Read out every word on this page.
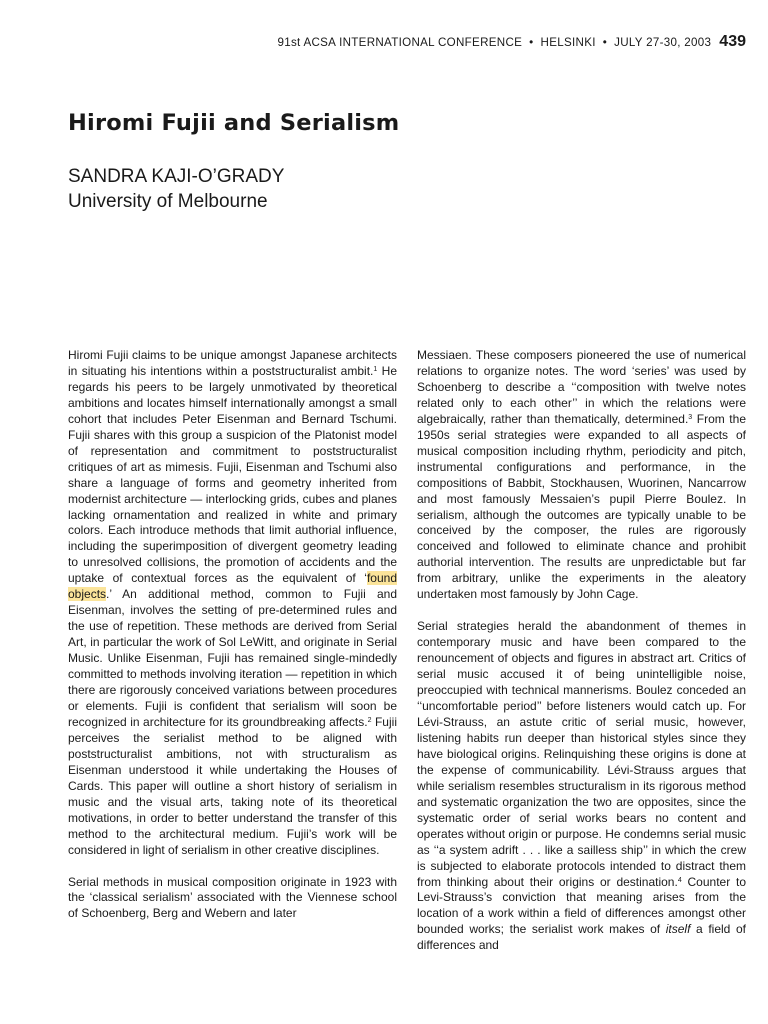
91st ACSA INTERNATIONAL CONFERENCE • HELSINKI • JULY 27-30, 2003 439
Hiromi Fujii and Serialism
SANDRA KAJI-O’GRADY
University of Melbourne

Hiromi Fujii claims to be unique amongst Japanese architects in situating his intentions within a poststructuralist ambit.$^1$ He regards his peers to be largely unmotivated by theoretical ambitions and locates himself internationally amongst a small cohort that includes Peter Eisenman and Bernard Tschumi. Fujii shares with this group a suspicion of the Platonist model of representation and commitment to poststructuralist critiques of art as mimesis. Fujii, Eisenman and Tschumi also share a language of forms and geometry inherited from modernist architecture — interlocking grids, cubes and planes lacking ornamentation and realized in white and primary colors. Each introduce methods that limit authorial influence, including the superimposition of divergent geometry leading to unresolved collisions, the promotion of accidents and the uptake of contextual forces as the equivalent of ‘found objects.’ An additional method, common to Fujii and Eisenman, involves the setting of pre-determined rules and the use of repetition. These methods are derived from Serial Art, in particular the work of Sol LeWitt, and originate in Serial Music. Unlike Eisenman, Fujii has remained single-mindedly committed to methods involving iteration — repetition in which there are rigorously conceived variations between procedures or elements. Fujii is confident that serialism will soon be recognized in architecture for its groundbreaking affects.$^2$ Fujii perceives the serialist method to be aligned with poststructuralist ambitions, not with structuralism as Eisenman understood it while undertaking the Houses of Cards. This paper will outline a short history of serialism in music and the visual arts, taking note of its theoretical motivations, in order to better understand the transfer of this method to the architectural medium. Fujii’s work will be considered in light of serialism in other creative disciplines.

Serial methods in musical composition originate in 1923 with the ‘classical serialism’ associated with the Viennese school of Schoenberg, Berg and Webern and later

Messiaen. These composers pioneered the use of numerical relations to organize notes. The word ‘series’ was used by Schoenberg to describe a ‘‘composition with twelve notes related only to each other’’ in which the relations were algebraically, rather than thematically, determined.$^3$ From the 1950s serial strategies were expanded to all aspects of musical composition including rhythm, periodicity and pitch, instrumental configurations and performance, in the compositions of Babbit, Stockhausen, Wuorinen, Nancarrow and most famously Messaien’s pupil Pierre Boulez. In serialism, although the outcomes are typically unable to be conceived by the composer, the rules are rigorously conceived and followed to eliminate chance and prohibit authorial intervention. The results are unpredictable but far from arbitrary, unlike the experiments in the aleatory undertaken most famously by John Cage.

Serial strategies herald the abandonment of themes in contemporary music and have been compared to the renouncement of objects and figures in abstract art. Critics of serial music accused it of being unintelligible noise, preoccupied with technical mannerisms. Boulez conceded an ‘‘uncomfortable period’’ before listeners would catch up. For Lévi-Strauss, an astute critic of serial music, however, listening habits run deeper than historical styles since they have biological origins. Relinquishing these origins is done at the expense of communicability. Lévi-Strauss argues that while serialism resembles structuralism in its rigorous method and systematic organization the two are opposites, since the systematic order of serial works bears no content and operates without origin or purpose. He condemns serial music as ‘‘a system adrift . . . like a sailless ship’’ in which the crew is subjected to elaborate protocols intended to distract them from thinking about their origins or destination.$^4$ Counter to Levi-Strauss’s conviction that meaning arises from the location of a work within a field of differences amongst other bounded works; the serialist work makes of itself a field of differences and
